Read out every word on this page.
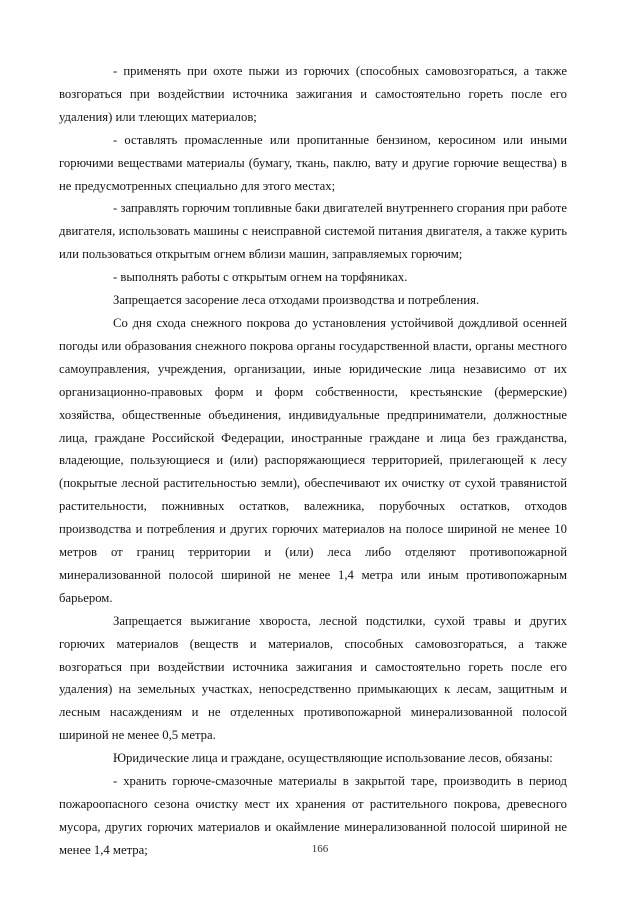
- применять при охоте пыжи из горючих (способных самовозгораться, а также возгораться при воздействии источника зажигания и самостоятельно гореть после его удаления) или тлеющих материалов;

- оставлять промасленные или пропитанные бензином, керосином или иными горючими веществами материалы (бумагу, ткань, паклю, вату и другие горючие вещества) в не предусмотренных специально для этого местах;

- заправлять горючим топливные баки двигателей внутреннего сгорания при работе двигателя, использовать машины с неисправной системой питания двигателя, а также курить или пользоваться открытым огнем вблизи машин, заправляемых горючим;

- выполнять работы с открытым огнем на торфяниках.

Запрещается засорение леса отходами производства и потребления.

Со дня схода снежного покрова до установления устойчивой дождливой осенней погоды или образования снежного покрова органы государственной власти, органы местного самоуправления, учреждения, организации, иные юридические лица независимо от их организационно-правовых форм и форм собственности, крестьянские (фермерские) хозяйства, общественные объединения, индивидуальные предприниматели, должностные лица, граждане Российской Федерации, иностранные граждане и лица без гражданства, владеющие, пользующиеся и (или) распоряжающиеся территорией, прилегающей к лесу (покрытые лесной растительностью земли), обеспечивают их очистку от сухой травянистой растительности, пожнивных остатков, валежника, порубочных остатков, отходов производства и потребления и других горючих материалов на полосе шириной не менее 10 метров от границ территории и (или) леса либо отделяют противопожарной минерализованной полосой шириной не менее 1,4 метра или иным противопожарным барьером.

Запрещается выжигание хвороста, лесной подстилки, сухой травы и других горючих материалов (веществ и материалов, способных самовозгораться, а также возгораться при воздействии источника зажигания и самостоятельно гореть после его удаления) на земельных участках, непосредственно примыкающих к лесам, защитным и лесным насаждениям и не отделенных противопожарной минерализованной полосой шириной не менее 0,5 метра.

Юридические лица и граждане, осуществляющие использование лесов, обязаны:

- хранить горюче-смазочные материалы в закрытой таре, производить в период пожароопасного сезона очистку мест их хранения от растительного покрова, древесного мусора, других горючих материалов и окаймление минерализованной полосой шириной не менее 1,4 метра;	166
